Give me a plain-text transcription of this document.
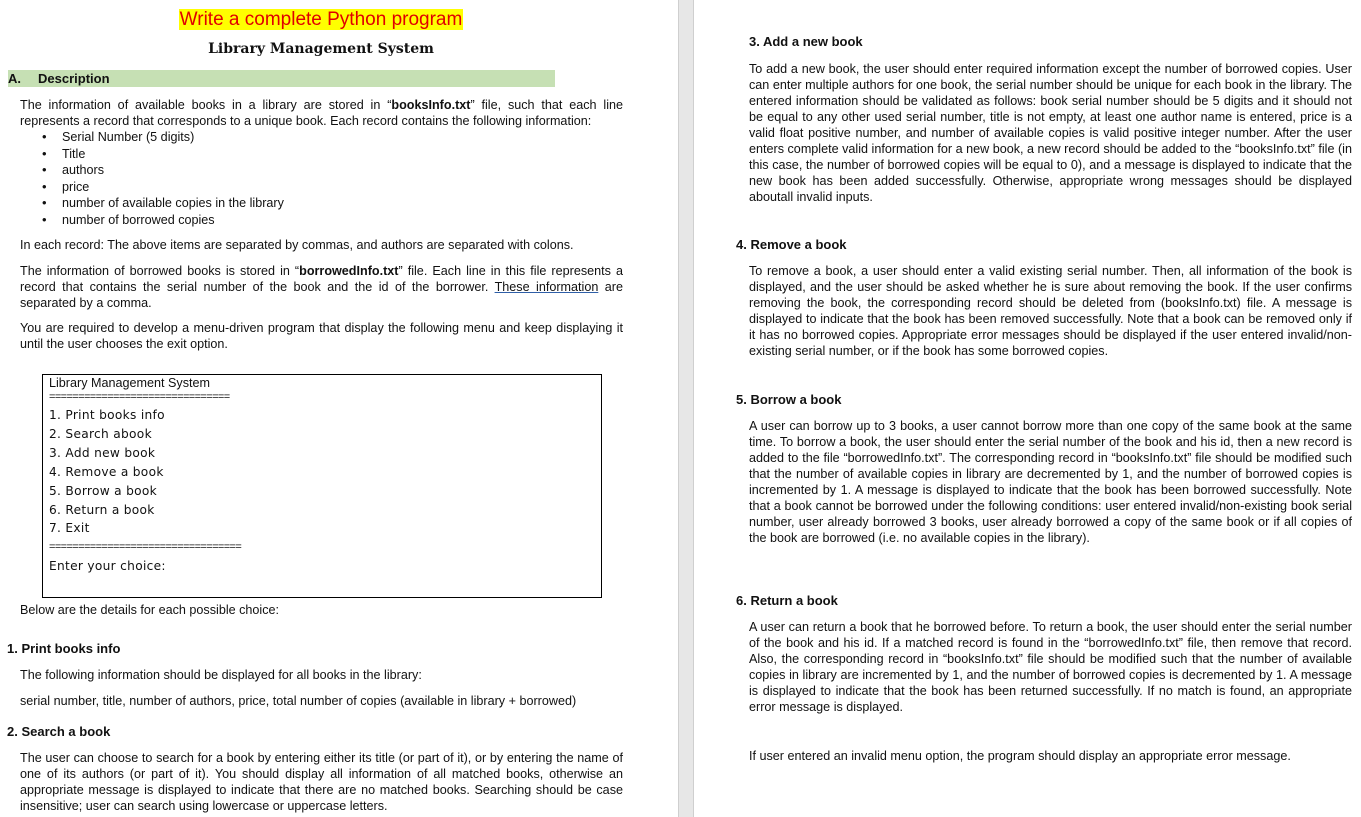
Write a complete Python program
Library Management System
A. Description
The information of available books in a library are stored in “booksInfo.txt” file, such that each line represents a record that corresponds to a unique book. Each record contains the following information:
• Serial Number (5 digits)
• Title
• authors
• price
• number of available copies in the library
• number of borrowed copies
In each record: The above items are separated by commas, and authors are separated with colons.
The information of borrowed books is stored in “borrowedInfo.txt” file. Each line in this file represents a record that contains the serial number of the book and the id of the borrower. These information are separated by a comma.
You are required to develop a menu-driven program that display the following menu and keep displaying it until the user chooses the exit option.
Library Management System
===============================
1. Print books info
2. Search abook
3. Add new book
4. Remove a book
5. Borrow a book
6. Return a book
7. Exit
=================================
Enter your choice:
Below are the details for each possible choice:
1. Print books info
The following information should be displayed for all books in the library:
serial number, title, number of authors, price, total number of copies (available in library + borrowed)
2. Search a book
The user can choose to search for a book by entering either its title (or part of it), or by entering the name of one of its authors (or part of it). You should display all information of all matched books, otherwise an appropriate message is displayed to indicate that there are no matched books. Searching should be case insensitive; user can search using lowercase or uppercase letters.
3. Add a new book
To add a new book, the user should enter required information except the number of borrowed copies. User can enter multiple authors for one book, the serial number should be unique for each book in the library. The entered information should be validated as follows: book serial number should be 5 digits and it should not be equal to any other used serial number, title is not empty, at least one author name is entered, price is a valid float positive number, and number of available copies is valid positive integer number. After the user enters complete valid information for a new book, a new record should be added to the “booksInfo.txt” file (in this case, the number of borrowed copies will be equal to 0), and a message is displayed to indicate that the new book has been added successfully. Otherwise, appropriate wrong messages should be displayed aboutall invalid inputs.
4. Remove a book
To remove a book, a user should enter a valid existing serial number. Then, all information of the book is displayed, and the user should be asked whether he is sure about removing the book. If the user confirms removing the book, the corresponding record should be deleted from (booksInfo.txt) file. A message is displayed to indicate that the book has been removed successfully. Note that a book can be removed only if it has no borrowed copies. Appropriate error messages should be displayed if the user entered invalid/non-existing serial number, or if the book has some borrowed copies.
5. Borrow a book
A user can borrow up to 3 books, a user cannot borrow more than one copy of the same book at the same time. To borrow a book, the user should enter the serial number of the book and his id, then a new record is added to the file “borrowedInfo.txt”. The corresponding record in “booksInfo.txt” file should be modified such that the number of available copies in library are decremented by 1, and the number of borrowed copies is incremented by 1. A message is displayed to indicate that the book has been borrowed successfully. Note that a book cannot be borrowed under the following conditions: user entered invalid/non-existing book serial number, user already borrowed 3 books, user already borrowed a copy of the same book or if all copies of the book are borrowed (i.e. no available copies in the library).
6. Return a book
A user can return a book that he borrowed before. To return a book, the user should enter the serial number of the book and his id. If a matched record is found in the “borrowedInfo.txt” file, then remove that record. Also, the corresponding record in “booksInfo.txt” file should be modified such that the number of available copies in library are incremented by 1, and the number of borrowed copies is decremented by 1. A message is displayed to indicate that the book has been returned successfully. If no match is found, an appropriate error message is displayed.
If user entered an invalid menu option, the program should display an appropriate error message.
